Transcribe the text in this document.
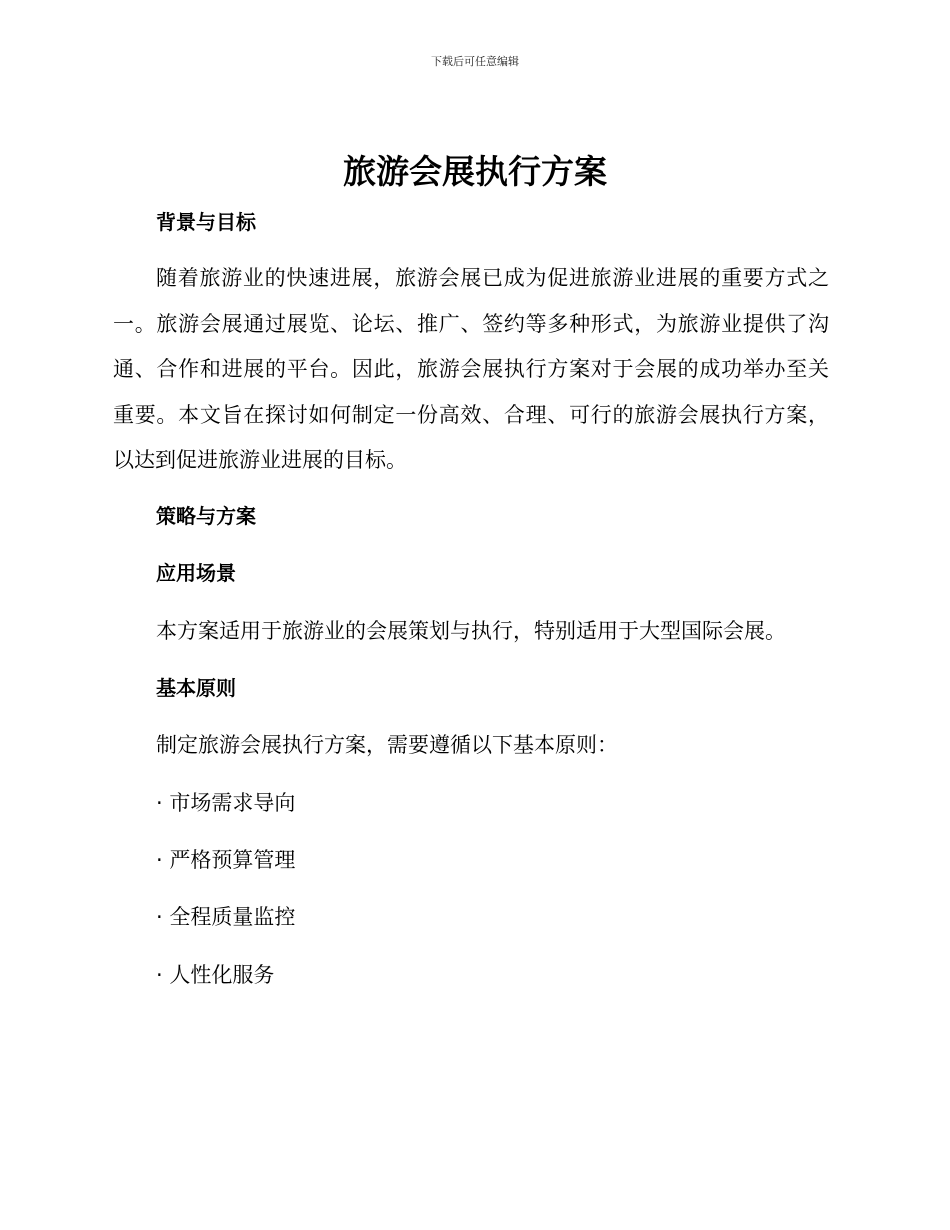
下载后可任意编辑
旅游会展执行方案
背景与目标
随着旅游业的快速进展，旅游会展已成为促进旅游业进展的重要方式之
一。旅游会展通过展览、论坛、推广、签约等多种形式，为旅游业提供了沟
通、合作和进展的平台。因此，旅游会展执行方案对于会展的成功举办至关
重要。本文旨在探讨如何制定一份高效、合理、可行的旅游会展执行方案，
以达到促进旅游业进展的目标。
策略与方案
应用场景
本方案适用于旅游业的会展策划与执行，特别适用于大型国际会展。
基本原则
制定旅游会展执行方案，需要遵循以下基本原则：
· 市场需求导向
· 严格预算管理
· 全程质量监控
· 人性化服务
